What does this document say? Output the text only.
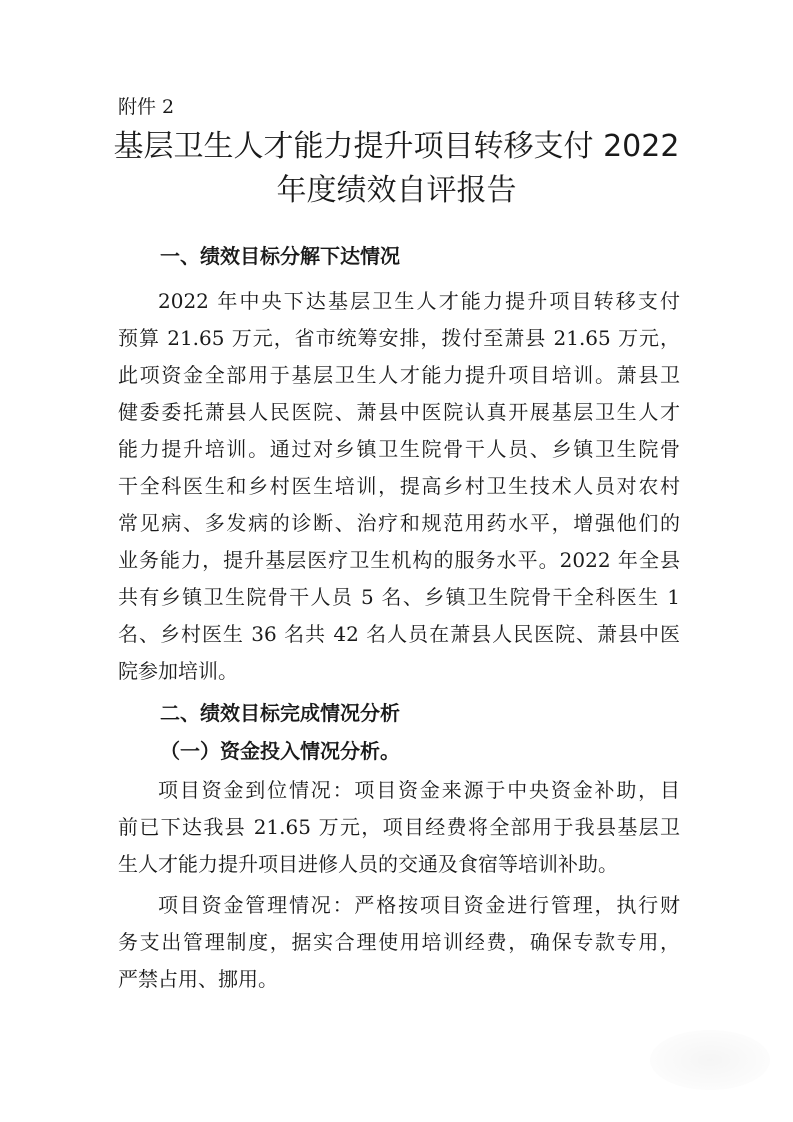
附件 2
基层卫生人才能力提升项目转移支付 2022
年度绩效自评报告
一、绩效目标分解下达情况
2022 年中央下达基层卫生人才能力提升项目转移支付
预算 21.65 万元，省市统筹安排，拨付至萧县 21.65 万元，
此项资金全部用于基层卫生人才能力提升项目培训。萧县卫
健委委托萧县人民医院、萧县中医院认真开展基层卫生人才
能力提升培训。通过对乡镇卫生院骨干人员、乡镇卫生院骨
干全科医生和乡村医生培训，提高乡村卫生技术人员对农村
常见病、多发病的诊断、治疗和规范用药水平，增强他们的
业务能力，提升基层医疗卫生机构的服务水平。2022 年全县
共有乡镇卫生院骨干人员 5 名、乡镇卫生院骨干全科医生 1
名、乡村医生 36 名共 42 名人员在萧县人民医院、萧县中医
院参加培训。
二、绩效目标完成情况分析
（一）资金投入情况分析。
项目资金到位情况：项目资金来源于中央资金补助，目
前已下达我县 21.65 万元，项目经费将全部用于我县基层卫
生人才能力提升项目进修人员的交通及食宿等培训补助。
项目资金管理情况：严格按项目资金进行管理，执行财
务支出管理制度，据实合理使用培训经费，确保专款专用，
严禁占用、挪用。
